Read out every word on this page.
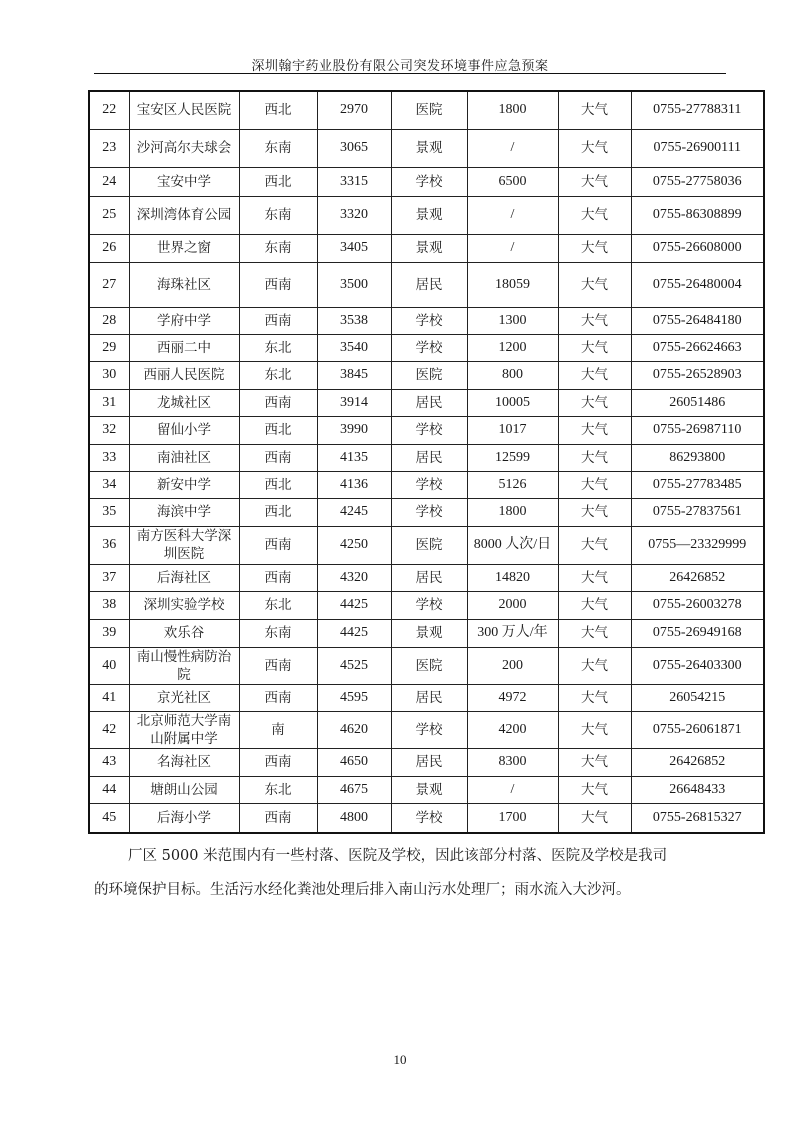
深圳翰宇药业股份有限公司突发环境事件应急预案
22	宝安区人民医院	西北	2970	医院	1800	大气	0755-27788311
23	沙河高尔夫球会	东南	3065	景观	/	大气	0755-26900111
24	宝安中学	西北	3315	学校	6500	大气	0755-27758036
25	深圳湾体育公园	东南	3320	景观	/	大气	0755-86308899
26	世界之窗	东南	3405	景观	/	大气	0755-26608000
27	海珠社区	西南	3500	居民	18059	大气	0755-26480004
28	学府中学	西南	3538	学校	1300	大气	0755-26484180
29	西丽二中	东北	3540	学校	1200	大气	0755-26624663
30	西丽人民医院	东北	3845	医院	800	大气	0755-26528903
31	龙城社区	西南	3914	居民	10005	大气	26051486
32	留仙小学	西北	3990	学校	1017	大气	0755-26987110
33	南油社区	西南	4135	居民	12599	大气	86293800
34	新安中学	西北	4136	学校	5126	大气	0755-27783485
35	海滨中学	西北	4245	学校	1800	大气	0755-27837561
36	南方医科大学深圳医院	西南	4250	医院	8000 人次/日	大气	0755—23329999
37	后海社区	西南	4320	居民	14820	大气	26426852
38	深圳实验学校	东北	4425	学校	2000	大气	0755-26003278
39	欢乐谷	东南	4425	景观	300 万人/年	大气	0755-26949168
40	南山慢性病防治院	西南	4525	医院	200	大气	0755-26403300
41	京光社区	西南	4595	居民	4972	大气	26054215
42	北京师范大学南山附属中学	南	4620	学校	4200	大气	0755-26061871
43	名海社区	西南	4650	居民	8300	大气	26426852
44	塘朗山公园	东北	4675	景观	/	大气	26648433
45	后海小学	西南	4800	学校	1700	大气	0755-26815327
厂区 5000 米范围内有一些村落、医院及学校，因此该部分村落、医院及学校是我司
的环境保护目标。生活污水经化粪池处理后排入南山污水处理厂；雨水流入大沙河。
10
